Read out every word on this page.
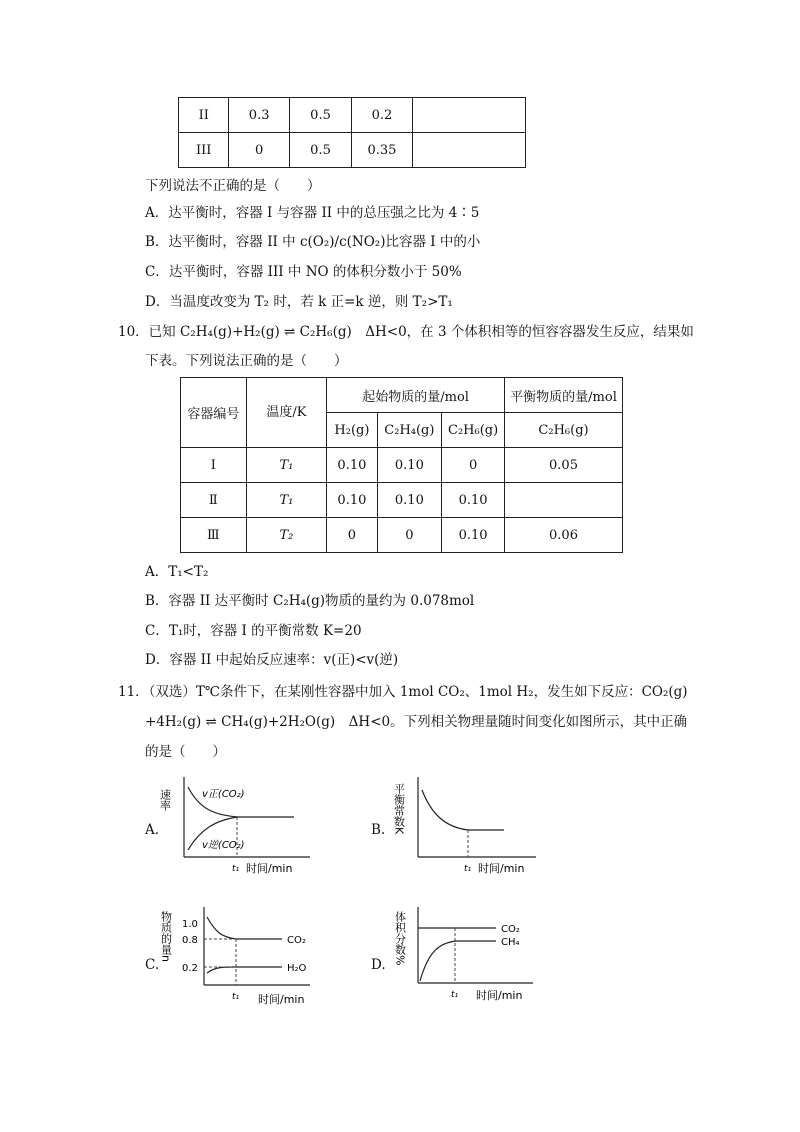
II	0.3	0.5	0.2	
III	0	0.5	0.35	
下列说法不正确的是（　　）
A．达平衡时，容器 I 与容器 II 中的总压强之比为 4∶5
B．达平衡时，容器 II 中 c(O₂)/c(NO₂)比容器 I 中的小
C．达平衡时，容器 III 中 NO 的体积分数小于 50%
D．当温度改变为 T₂ 时，若 k 正=k 逆，则 T₂>T₁
10．已知 C₂H₄(g)+H₂(g) ⇌ C₂H₆(g)　ΔH<0，在 3 个体积相等的恒容容器发生反应，结果如
下表。下列说法正确的是（　　）
容器编号	温度/K	起始物质的量/mol			平衡物质的量/mol
		H₂(g)	C₂H₄(g)	C₂H₆(g)	C₂H₆(g)
Ⅰ	T₁	0.10	0.10	0	0.05
Ⅱ	T₁	0.10	0.10	0.10	
Ⅲ	T₂	0	0	0.10	0.06
A．T₁<T₂
B．容器 II 达平衡时 C₂H₄(g)物质的量约为 0.078mol
C．T₁时，容器 I 的平衡常数 K=20
D．容器 II 中起始反应速率：v(正)<v(逆)
11．（双选）T℃条件下，在某刚性容器中加入 1mol CO₂、1mol H₂，发生如下反应：CO₂(g)
+4H₂(g) ⇌ CH₄(g)+2H₂O(g)　ΔH<0。下列相关物理量随时间变化如图所示，其中正确
的是（　　）
A.
速率	v正(CO₂)
v逆(CO₂)
t₁ 时间/min
B. 平衡常数K
t₁ 时间/min
C.
物质的量n 1.0
0.8
0.2
CO₂
H₂O
t₁ 时间/min
D. 体积分数%	CO₂
CH₄
t₁ 时间/min
